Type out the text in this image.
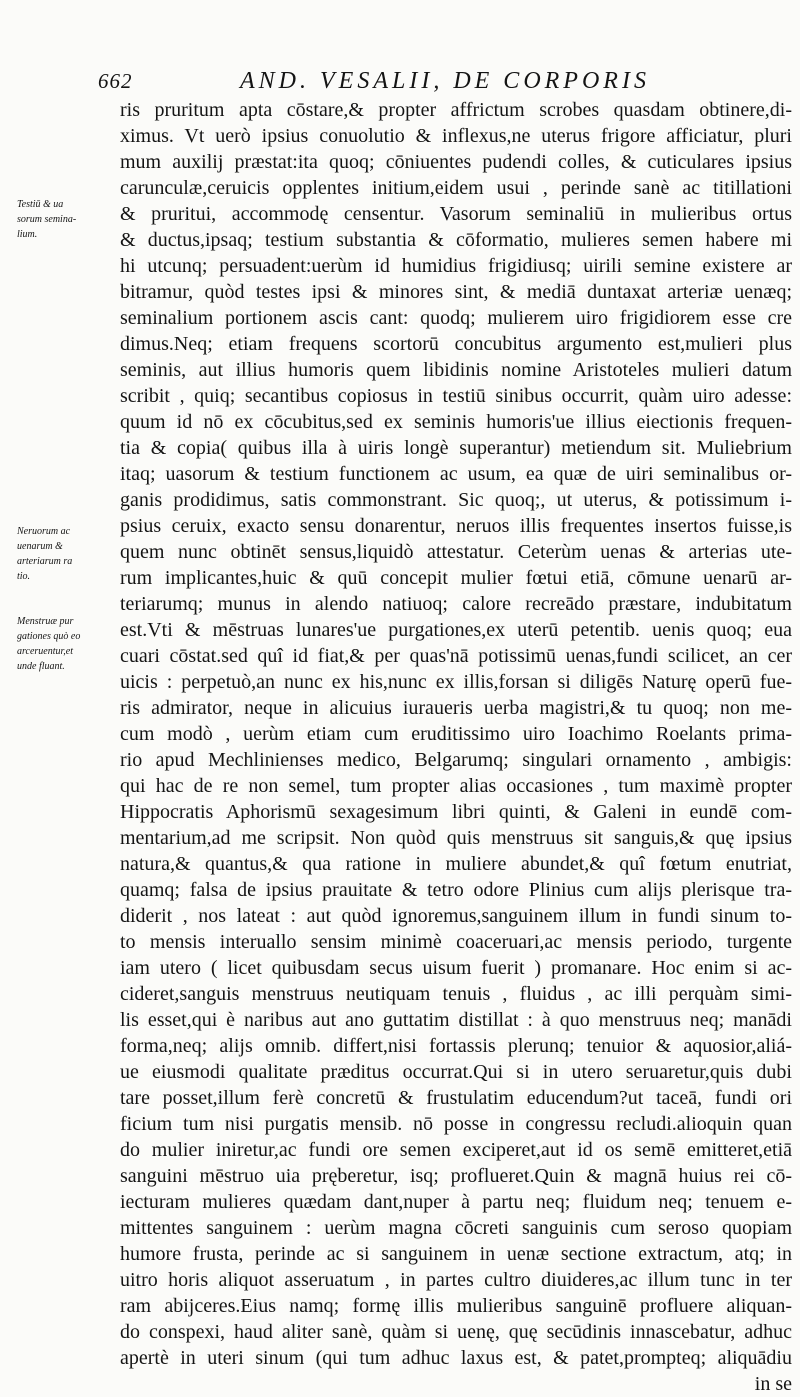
662	AND. VESALII, DE CORPORIS
Testiū & ua
sorum semina-
lium.
Neruorum ac
uenarum &
arteriarum ra
tio.
Menstruæ pur
gationes quò eo
arceruentur,et
unde fluant.
ris pruritum apta cōstare,& propter affrictum scrobes quasdam obtinere,di-
ximus. Vt uerò ipsius conuolutio & inflexus,ne uterus frigore afficiatur, pluri
mum auxilij præstat:ita quoq; cōniuentes pudendi colles, & cuticulares ipsius
carunculæ,ceruicis opplentes initium,eidem usui , perinde sanè ac titillationi
& pruritui, accommodę censentur. Vasorum seminaliū in mulieribus ortus
& ductus,ipsaq; testium substantia & cōformatio, mulieres semen habere mi
hi utcunq; persuadent:uerùm id humidius frigidiusq; uirili semine existere ar
bitramur, quòd testes ipsi & minores sint, & mediā duntaxat arteriæ uenæq;
seminalium portionem ascis cant: quodq; mulierem uiro frigidiorem esse cre
dimus.Neq; etiam frequens scortorū concubitus argumento est,mulieri plus
seminis, aut illius humoris quem libidinis nomine Aristoteles mulieri datum
scribit , quiq; secantibus copiosus in testiū sinibus occurrit, quàm uiro adesse:
quum id nō ex cōcubitus,sed ex seminis humoris'ue illius eiectionis frequen-
tia & copia( quibus illa à uiris longè superantur) metiendum sit. Muliebrium
itaq; uasorum & testium functionem ac usum, ea quæ de uiri seminalibus or-
ganis prodidimus, satis commonstrant. Sic quoq;, ut uterus, & potissimum i-
psius ceruix, exacto sensu donarentur, neruos illis frequentes insertos fuisse,is
quem nunc obtinēt sensus,liquidò attestatur. Ceterùm uenas & arterias ute-
rum implicantes,huic & quū concepit mulier fœtui etiā, cōmune uenarū ar-
teriarumq; munus in alendo natiuoq; calore recreādo præstare, indubitatum
est.Vti & mēstruas lunares'ue purgationes,ex uterū petentib. uenis quoq; eua
cuari cōstat.sed quî id fiat,& per quas'nā potissimū uenas,fundi scilicet, an cer
uicis : perpetuò,an nunc ex his,nunc ex illis,forsan si diligēs Naturę operū fue-
ris admirator, neque in alicuius iuraueris uerba magistri,& tu quoq; non me-
cum modò , uerùm etiam cum eruditissimo uiro Ioachimo Roelants prima-
rio apud Mechlinienses medico, Belgarumq; singulari ornamento , ambigis:
qui hac de re non semel, tum propter alias occasiones , tum maximè propter
Hippocratis Aphorismū sexagesimum libri quinti, & Galeni in eundē com-
mentarium,ad me scripsit. Non quòd quis menstruus sit sanguis,& quę ipsius
natura,& quantus,& qua ratione in muliere abundet,& quî fœtum enutriat,
quamq; falsa de ipsius prauitate & tetro odore Plinius cum alijs plerisque tra-
diderit , nos lateat : aut quòd ignoremus,sanguinem illum in fundi sinum to-
to mensis interuallo sensim minimè coaceruari,ac mensis periodo, turgente
iam utero ( licet quibusdam secus uisum fuerit ) promanare. Hoc enim si ac-
cideret,sanguis menstruus neutiquam tenuis , fluidus , ac illi perquàm simi-
lis esset,qui è naribus aut ano guttatim distillat : à quo menstruus neq; manādi
forma,neq; alijs omnib. differt,nisi fortassis plerunq; tenuior & aquosior,aliá-
ue eiusmodi qualitate præditus occurrat.Qui si in utero seruaretur,quis dubi
tare posset,illum ferè concretū & frustulatim educendum?ut taceā, fundi ori
ficium tum nisi purgatis mensib. nō posse in congressu recludi.alioquin quan
do mulier iniretur,ac fundi ore semen exciperet,aut id os semē emitteret,etiā
sanguini mēstruo uia pręberetur, isq; proflueret.Quin & magnā huius rei cō-
iecturam mulieres quædam dant,nuper à partu neq; fluidum neq; tenuem e-
mittentes sanguinem : uerùm magna cōcreti sanguinis cum seroso quopiam
humore frusta, perinde ac si sanguinem in uenæ sectione extractum, atq; in
uitro horis aliquot asseruatum , in partes cultro diuideres,ac illum tunc in ter
ram abijceres.Eius namq; formę illis mulieribus sanguinē profluere aliquan-
do conspexi, haud aliter sanè, quàm si uenę, quę secūdinis innascebatur, adhuc
apertè in uteri sinum (qui tum adhuc laxus est, & patet,prompteq; aliquādiu
in se
